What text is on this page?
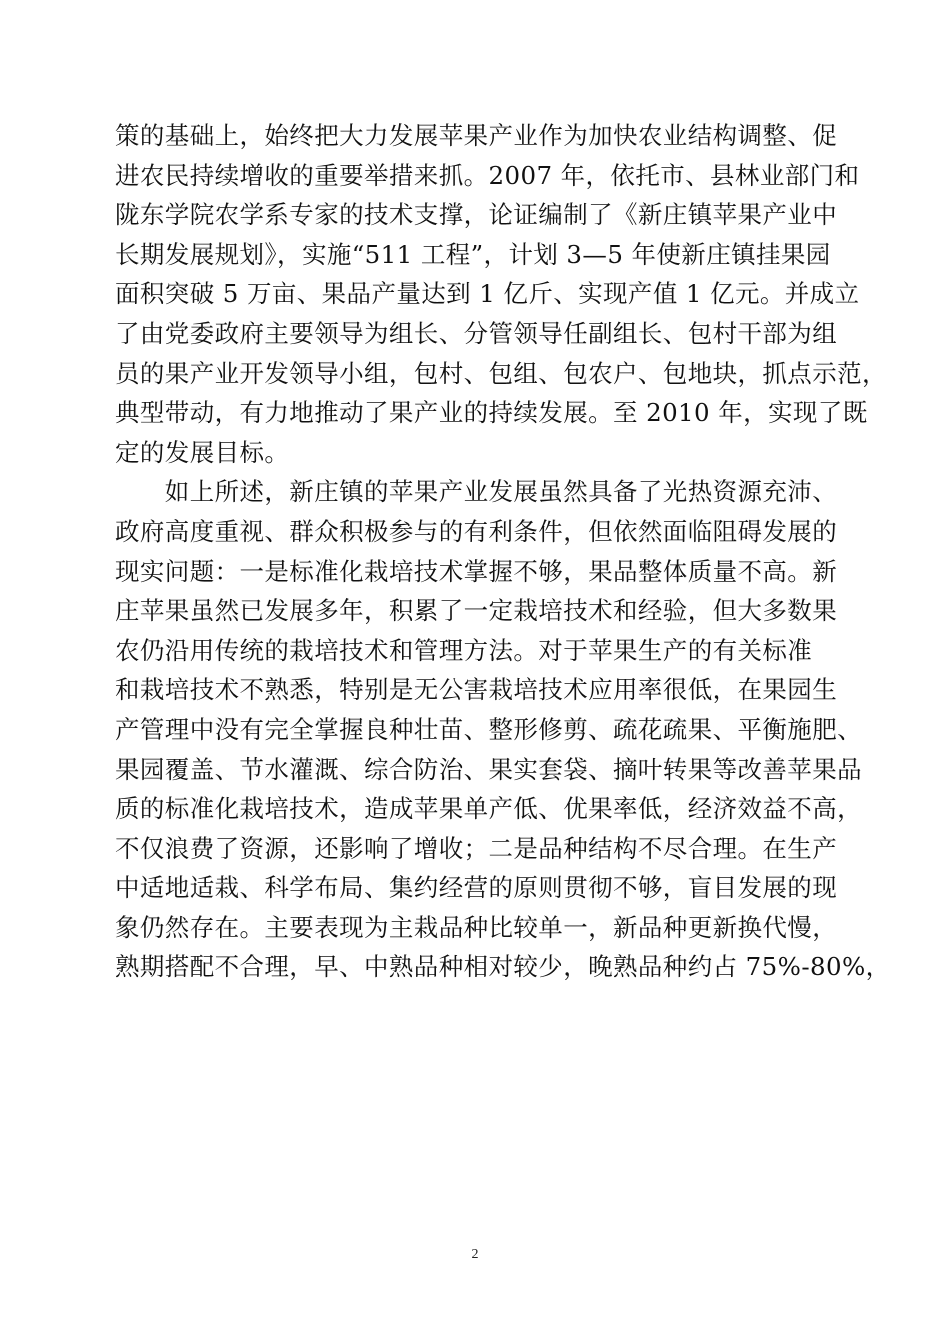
策的基础上，始终把大力发展苹果产业作为加快农业结构调整、促
进农民持续增收的重要举措来抓。2007 年，依托市、县林业部门和
陇东学院农学系专家的技术支撑，论证编制了《新庄镇苹果产业中
长期发展规划》，实施“511 工程”，计划 3—5 年使新庄镇挂果园
面积突破 5 万亩、果品产量达到 1 亿斤、实现产值 1 亿元。并成立
了由党委政府主要领导为组长、分管领导任副组长、包村干部为组
员的果产业开发领导小组，包村、包组、包农户、包地块，抓点示范，
典型带动，有力地推动了果产业的持续发展。至 2010 年，实现了既
定的发展目标。
　　如上所述，新庄镇的苹果产业发展虽然具备了光热资源充沛、
政府高度重视、群众积极参与的有利条件，但依然面临阻碍发展的
现实问题：一是标准化栽培技术掌握不够，果品整体质量不高。新
庄苹果虽然已发展多年，积累了一定栽培技术和经验，但大多数果
农仍沿用传统的栽培技术和管理方法。对于苹果生产的有关标准
和栽培技术不熟悉，特别是无公害栽培技术应用率很低，在果园生
产管理中没有完全掌握良种壮苗、整形修剪、疏花疏果、平衡施肥、
果园覆盖、节水灌溉、综合防治、果实套袋、摘叶转果等改善苹果品
质的标准化栽培技术，造成苹果单产低、优果率低，经济效益不高，
不仅浪费了资源，还影响了增收；二是品种结构不尽合理。在生产
中适地适栽、科学布局、集约经营的原则贯彻不够，盲目发展的现
象仍然存在。主要表现为主栽品种比较单一，新品种更新换代慢，
熟期搭配不合理，早、中熟品种相对较少，晚熟品种约占 75%-80%，
2
